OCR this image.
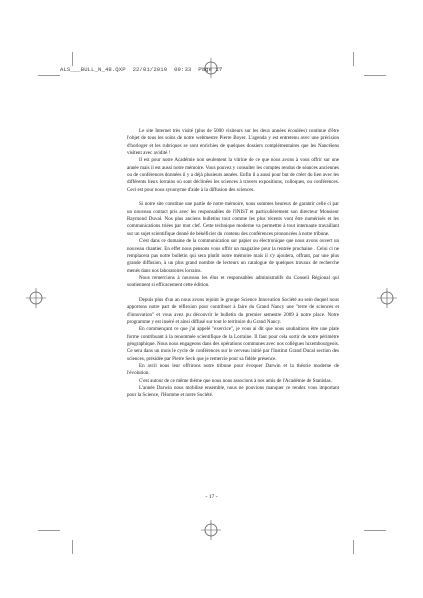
ALS___BULL_N_48.QXP  22/01/2010  09:33  Page 17

Le site Internet très visité (plus de 5000 visiteurs sur les deux années écoulées) continue d'être l'objet de tous les soins de notre webmestre Pierre Boyer. L'agenda y est entretenu avec une précision d'horloger et les rubriques se sont enrichies de quelques dossiers complémentaires que les Nancéiens visitent avec avidité !

Il est pour notre Académie non seulement la vitrine de ce que nous avons à vous offrir sur une année mais il est aussi notre mémoire. Vous pouvez y consulter les comptes rendus de séances anciennes ou de conférences données il y a déjà plusieurs années. Enfin il a aussi pour but de créer du lien avec les différents lieux lorrains où sont déclinées les sciences à travers expositions, colloques, ou conférences. Ceci est pour nous synonyme d'aide à la diffusion des sciences.

Si notre site constitue une partie de notre mémoire, nous sommes heureux de garantir celle ci par un nouveau contact pris avec les responsables de l'INIST et particulièrement son directeur Monsieur Raymond Duval. Nos plus anciens bulletins tout comme les plus récents vont être numérisés et les communications triées par mot clef. Cette technique moderne va permettre à tout internaute travaillant sur un sujet scientifique donné de bénéficier du contenu des conférences prononcées à notre tribune.

C'est dans ce domaine de la communication sur papier ou électronique que nous avons ouvert un nouveau chantier. En effet nous pensons vous offrir un magazine pour la rentrée prochaine . Celui ci ne remplacera pas notre bulletin qui sera plutôt notre mémoire mais il s'y ajoutera, offrant, par une plus grande diffusion, à un plus grand nombre de lecteurs un catalogue de quelques travaux de recherche menés dans nos laboratoires lorrains.

Nous remercions à nouveau les élus et responsables administratifs du Conseil Régional qui soutiennent si efficacement cette édition.

Depuis plus d'un an nous avons rejoint le groupe Science Innovation Société au sein duquel nous apportons notre part de réflexion pour contribuer à faire du Grand Nancy une "terre de sciences et d'innovation" et vous avez pu découvrir le bulletin du premier semestre 2009 à notre place. Notre programme y est inséré et ainsi diffusé sur tout le territoire du Grand Nancy.

En commençant ce que j'ai appelé "exercice", je vous ai dit que nous souhaitions être une plate forme contribuant à la renommée scientifique de la Lorraine. Il faut pour cela sortir de notre périmètre géographique. Nous nous engageons dans des opérations communes avec nos collègues luxembourgeois. Ce sera dans un mois le cycle de conférences sur le cerveau initié par l'Institut Grand Ducal section des sciences, présidée par Pierre Seck que je remercie pour sa fidèle présence.

En avril nous leur offrirons notre tribune pour évoquer Darwin et la théorie moderne de l'évolution.

C'est autour de ce même thème que nous nous associons à nos amis de l'Académie de Stanislas.

L'année Darwin nous mobilise ensemble, nous ne pouvions manquer ce rendez vous important pour la Science, l'Homme et notre Société.

- 17 -
